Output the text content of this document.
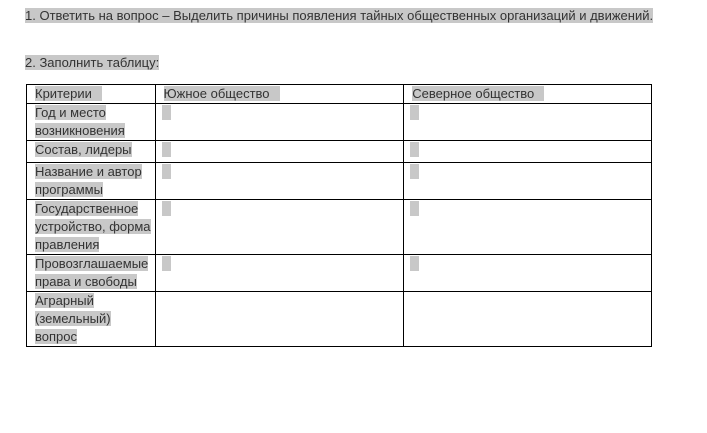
1. Ответить на вопрос – Выделить причины появления тайных общественных организаций и движений.
2. Заполнить таблицу:
Критерии	Южное общество	Северное общество
Год и место возникновения		
Состав, лидеры		
Название и автор программы		
Государственное устройство, форма правления		
Провозглашаемые права и свободы		
Аграрный (земельный) вопрос		
